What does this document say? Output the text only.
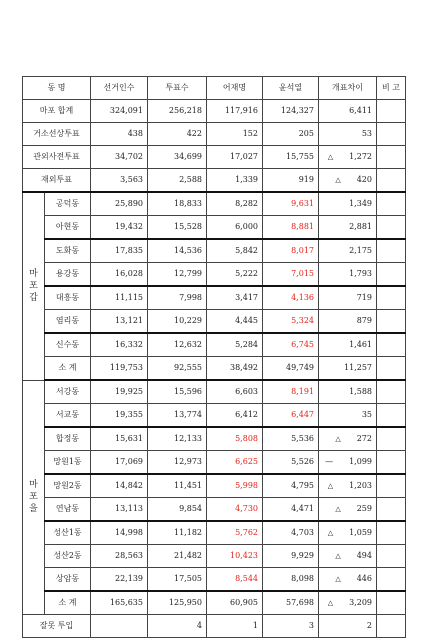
동 명		선거인수	투표수	어재명	윤석열	개표차이	비 고
마포 합계		324,091	256,218	117,916	124,327	6,411	
거소선상투표		438	422	152	205	53	
관외사전투표		34,702	34,699	17,027	15,755	△ 1,272	
재외투표		3,563	2,588	1,339	919	△ 420	
마포갑	공덕동	25,890	18,833	8,282	9,631	1,349	
	아현동	19,432	15,528	6,000	8,881	2,881	
	도화동	17,835	14,536	5,842	8,017	2,175	
	용강동	16,028	12,799	5,222	7,015	1,793	
	대흥동	11,115	7,998	3,417	4,136	719	
	염리동	13,121	10,229	4,445	5,324	879	
	신수동	16,332	12,632	5,284	6,745	1,461	
	소 계	119,753	92,555	38,492	49,749	11,257	
마포을	서강동	19,925	15,596	6,603	8,191	1,588	
	서교동	19,355	13,774	6,412	6,447	35	
	합정동	15,631	12,133	5,808	5,536	△ 272	
	망원1동	17,069	12,973	6,625	5,526	— 1,099	
	망원2동	14,842	11,451	5,998	4,795	△ 1,203	
	연남동	13,113	9,854	4,730	4,471	△ 259	
	성산1동	14,998	11,182	5,762	4,703	△ 1,059	
	성산2동	28,563	21,482	10,423	9,929	△ 494	
	상암동	22,139	17,505	8,544	8,098	△ 446	
	소 계	165,635	125,950	60,905	57,698	△ 3,209	
잘못 투입			4	1	3	2	
